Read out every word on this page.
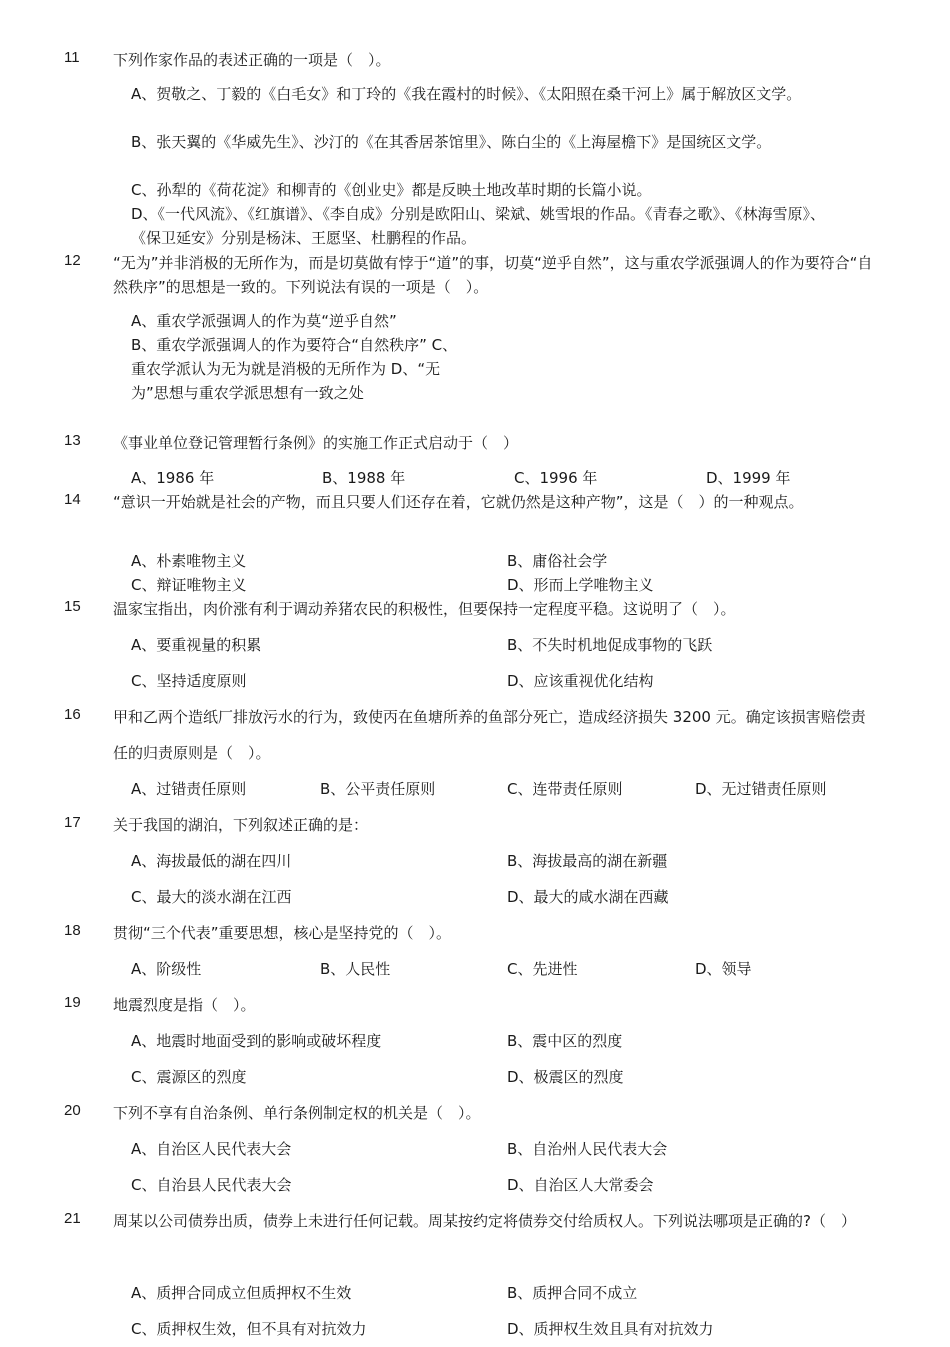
11 下列作家作品的表述正确的一项是（　）。
A、贺敬之、丁毅的《白毛女》和丁玲的《我在霞村的时候》、《太阳照在桑干河上》属于解放区文学。
B、张天翼的《华威先生》、沙汀的《在其香居茶馆里》、陈白尘的《上海屋檐下》是国统区文学。
C、孙犁的《荷花淀》和柳青的《创业史》都是反映土地改革时期的长篇小说。
D、《一代风流》、《红旗谱》、《李自成》分别是欧阳山、梁斌、姚雪垠的作品。《青春之歌》、《林海雪原》、《保卫延安》分别是杨沫、王愿坚、杜鹏程的作品。
12 “无为”并非消极的无所作为，而是切莫做有悖于“道”的事，切莫“逆乎自然”，这与重农学派强调人的作为要符合“自然秩序”的思想是一致的。下列说法有误的一项是（　）。
A、重农学派强调人的作为莫“逆乎自然”
B、重农学派强调人的作为要符合“自然秩序” C、重农学派认为无为就是消极的无所作为 D、“无为”思想与重农学派思想有一致之处
13 《事业单位登记管理暂行条例》的实施工作正式启动于（　）
A、1986 年	B、1988 年	C、1996 年	D、1999 年
14 “意识一开始就是社会的产物，而且只要人们还存在着，它就仍然是这种产物”，这是（　）的一种观点。
A、朴素唯物主义	B、庸俗社会学
C、辩证唯物主义	D、形而上学唯物主义
15 温家宝指出，肉价涨有利于调动养猪农民的积极性，但要保持一定程度平稳。这说明了（　）。
A、要重视量的积累	B、不失时机地促成事物的飞跃
C、坚持适度原则	D、应该重视优化结构
16 甲和乙两个造纸厂排放污水的行为，致使丙在鱼塘所养的鱼部分死亡，造成经济损失 3200 元。确定该损害赔偿责任的归责原则是（　）。
A、过错责任原则	B、公平责任原则	C、连带责任原则	D、无过错责任原则
17 关于我国的湖泊，下列叙述正确的是：
A、海拔最低的湖在四川	B、海拔最高的湖在新疆
C、最大的淡水湖在江西	D、最大的咸水湖在西藏
18 贯彻“三个代表”重要思想，核心是坚持党的（　）。
A、阶级性	B、人民性	C、先进性	D、领导
19 地震烈度是指（　）。
A、地震时地面受到的影响或破坏程度	B、震中区的烈度
C、震源区的烈度	D、极震区的烈度
20 下列不享有自治条例、单行条例制定权的机关是（　）。
A、自治区人民代表大会	B、自治州人民代表大会
C、自治县人民代表大会	D、自治区人大常委会
21 周某以公司债券出质，债券上未进行任何记载。周某按约定将债券交付给质权人。下列说法哪项是正确的?（　）
A、质押合同成立但质押权不生效	B、质押合同不成立
C、质押权生效，但不具有对抗效力	D、质押权生效且具有对抗效力
